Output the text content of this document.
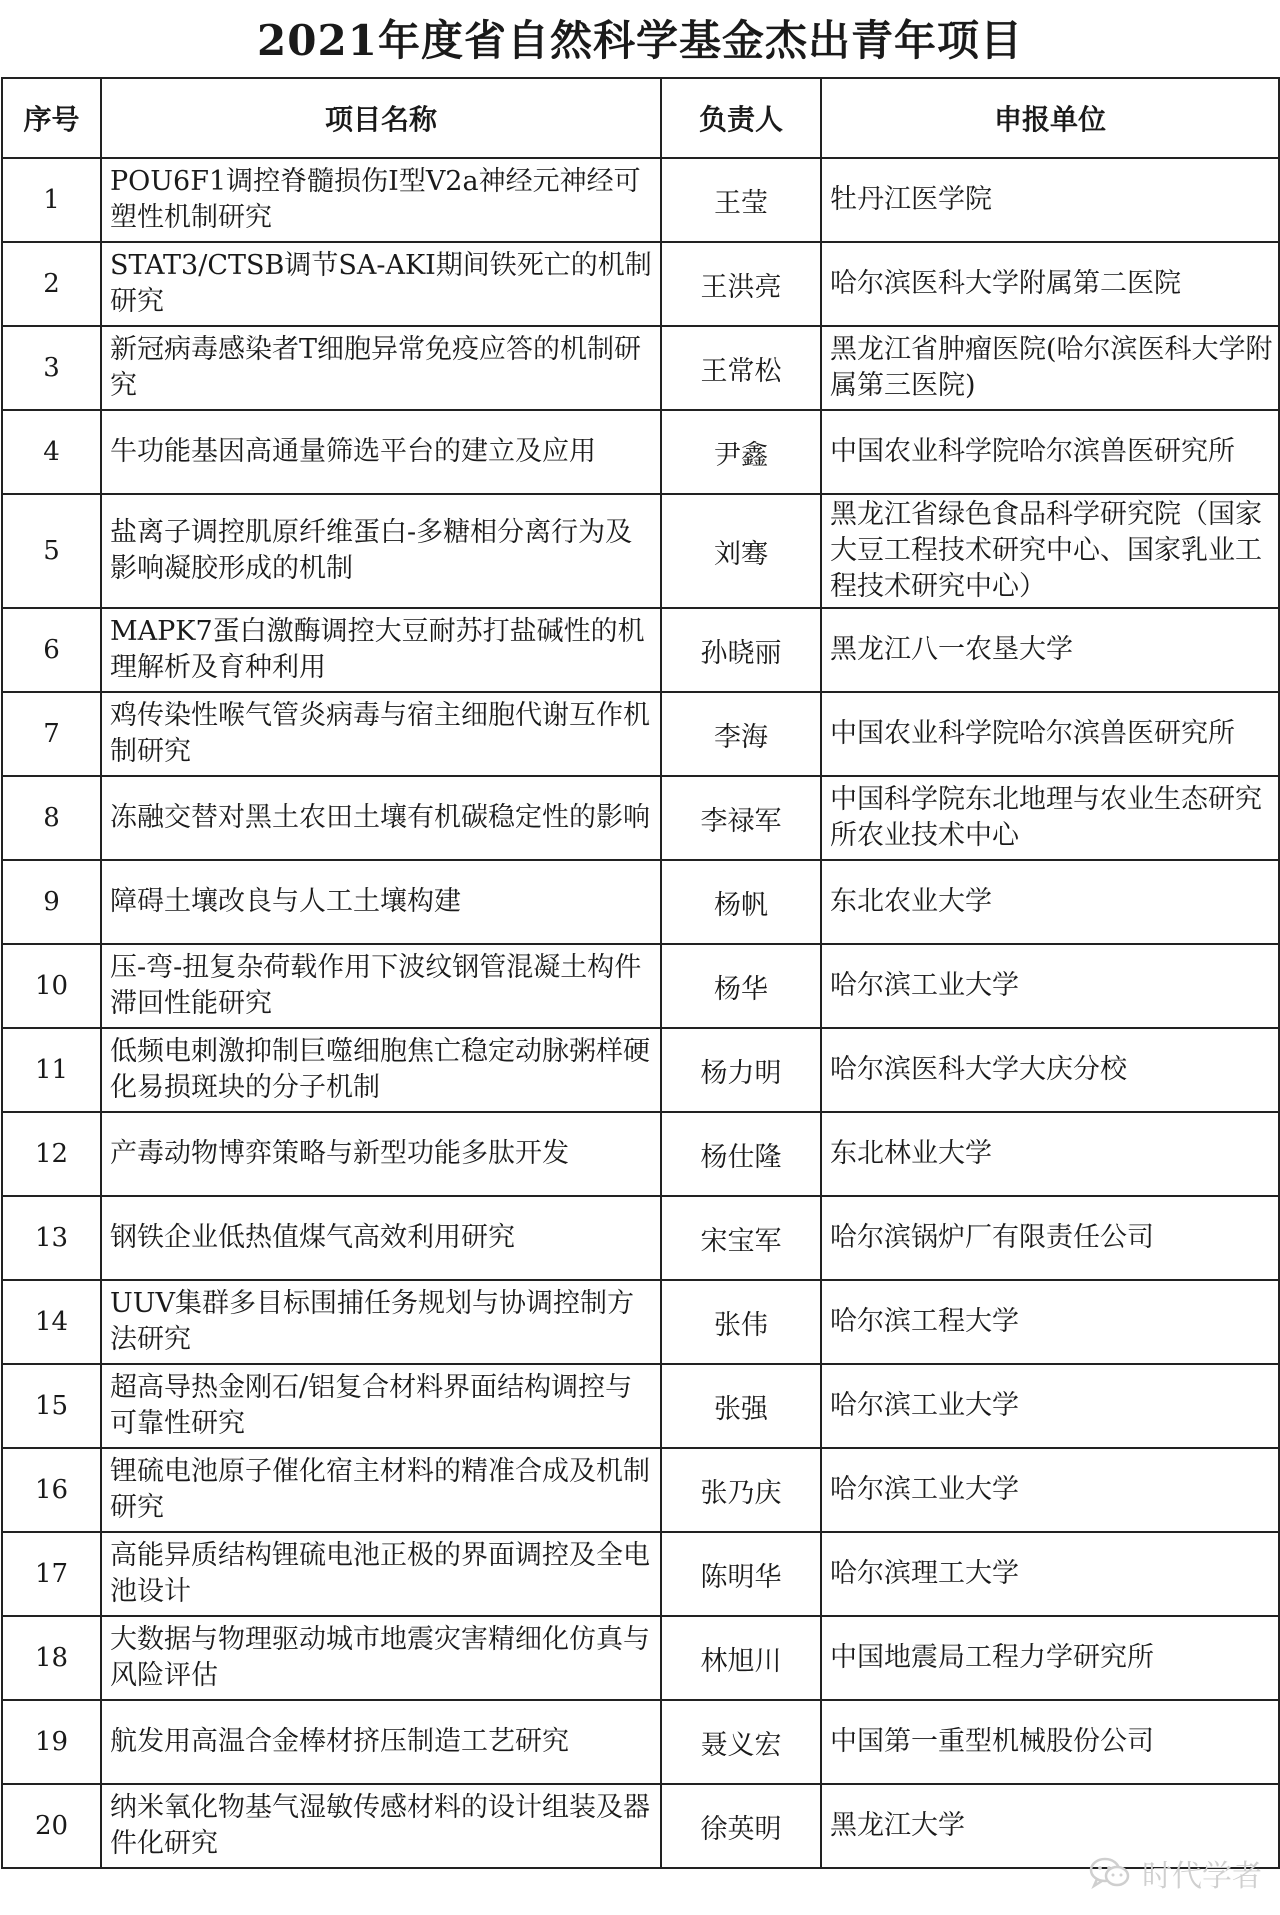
2021年度省自然科学基金杰出青年项目
序号	项目名称	负责人	申报单位
1	POU6F1调控脊髓损伤Ⅰ型V2a神经元神经可塑性机制研究	王莹	牡丹江医学院
2	STAT3/CTSB调节SA-AKI期间铁死亡的机制研究	王洪亮	哈尔滨医科大学附属第二医院
3	新冠病毒感染者T细胞异常免疫应答的机制研究	王常松	黑龙江省肿瘤医院(哈尔滨医科大学附属第三医院)
4	牛功能基因高通量筛选平台的建立及应用	尹鑫	中国农业科学院哈尔滨兽医研究所
5	盐离子调控肌原纤维蛋白-多糖相分离行为及影响凝胶形成的机制	刘骞	黑龙江省绿色食品科学研究院（国家大豆工程技术研究中心、国家乳业工程技术研究中心）
6	MAPK7蛋白激酶调控大豆耐苏打盐碱性的机理解析及育种利用	孙晓丽	黑龙江八一农垦大学
7	鸡传染性喉气管炎病毒与宿主细胞代谢互作机制研究	李海	中国农业科学院哈尔滨兽医研究所
8	冻融交替对黑土农田土壤有机碳稳定性的影响	李禄军	中国科学院东北地理与农业生态研究所农业技术中心
9	障碍土壤改良与人工土壤构建	杨帆	东北农业大学
10	压-弯-扭复杂荷载作用下波纹钢管混凝土构件滞回性能研究	杨华	哈尔滨工业大学
11	低频电刺激抑制巨噬细胞焦亡稳定动脉粥样硬化易损斑块的分子机制	杨力明	哈尔滨医科大学大庆分校
12	产毒动物博弈策略与新型功能多肽开发	杨仕隆	东北林业大学
13	钢铁企业低热值煤气高效利用研究	宋宝军	哈尔滨锅炉厂有限责任公司
14	UUV集群多目标围捕任务规划与协调控制方法研究	张伟	哈尔滨工程大学
15	超高导热金刚石/铝复合材料界面结构调控与可靠性研究	张强	哈尔滨工业大学
16	锂硫电池原子催化宿主材料的精准合成及机制研究	张乃庆	哈尔滨工业大学
17	高能异质结构锂硫电池正极的界面调控及全电池设计	陈明华	哈尔滨理工大学
18	大数据与物理驱动城市地震灾害精细化仿真与风险评估	林旭川	中国地震局工程力学研究所
19	航发用高温合金棒材挤压制造工艺研究	聂义宏	中国第一重型机械股份公司
20	纳米氧化物基气湿敏传感材料的设计组装及器件化研究	徐英明	黑龙江大学
时代学者
